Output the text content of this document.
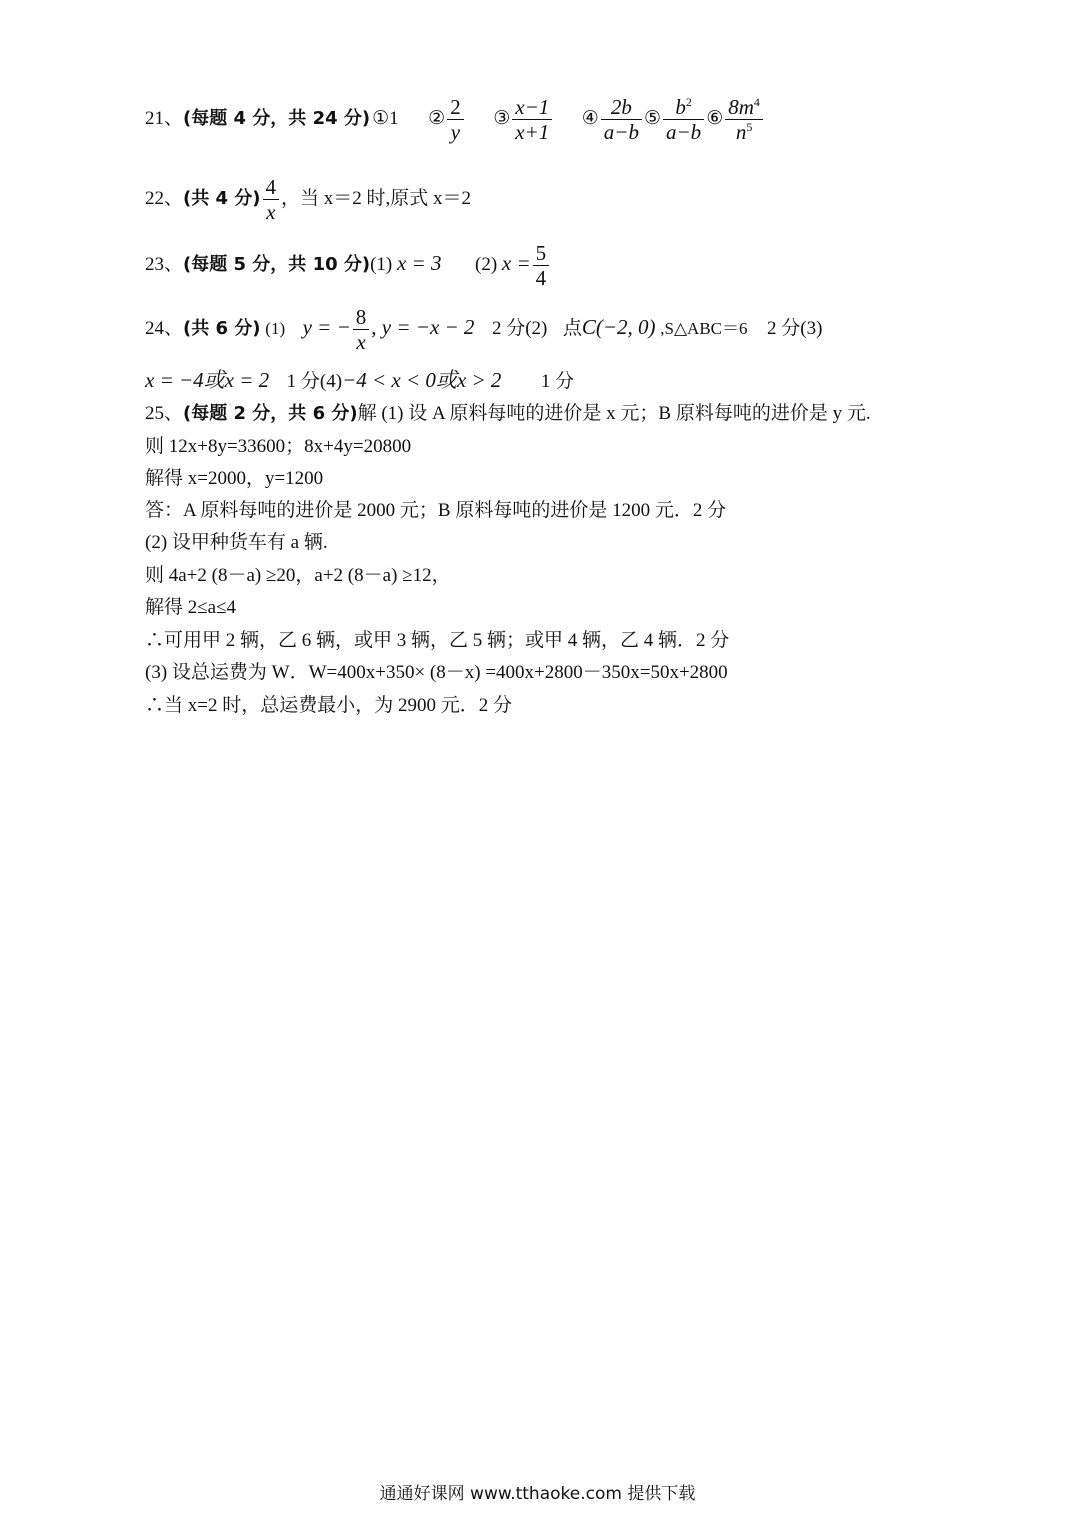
21、(每题 4 分，共 24 分) ①1 ② $\frac{2}{y}$ ③ $\frac{x-1}{x+1}$ ④ $\frac{2b}{a-b}$ ⑤ $\frac{b^2}{a-b}$ ⑥ $\frac{8m^4}{n^5}$
22、(共 4 分) $\frac{4}{x}$ ，当 x＝2 时,原式 x＝2
23、(每题 5 分，共 10 分)(1) x = 3 (2) $x = \frac{5}{4}$
24、(共 6 分) (1) y = − $\frac{8}{x}$ , y = −x − 2 2 分(2) 点C(−2, 0) ,S△ABC＝6 2 分(3)
x = −4或x = 2 1 分(4)−4 < x < 0或x > 2 1 分
25、(每题 2 分，共 6 分)解 (1) 设 A 原料每吨的进价是 x 元；B 原料每吨的进价是 y 元.
则 12x+8y=33600；8x+4y=20800
解得 x=2000，y=1200
答：A 原料每吨的进价是 2000 元；B 原料每吨的进价是 1200 元．2 分
(2) 设甲种货车有 a 辆.
则 4a+2 (8－a) ≥20，a+2 (8－a) ≥12，
解得 2≤a≤4
∴可用甲 2 辆，乙 6 辆，或甲 3 辆，乙 5 辆；或甲 4 辆，乙 4 辆．2 分
(3) 设总运费为 W．W=400x+350× (8－x) =400x+2800－350x=50x+2800
∴当 x=2 时，总运费最小，为 2900 元．2 分
通通好课网 www.tthaoke.com 提供下载
